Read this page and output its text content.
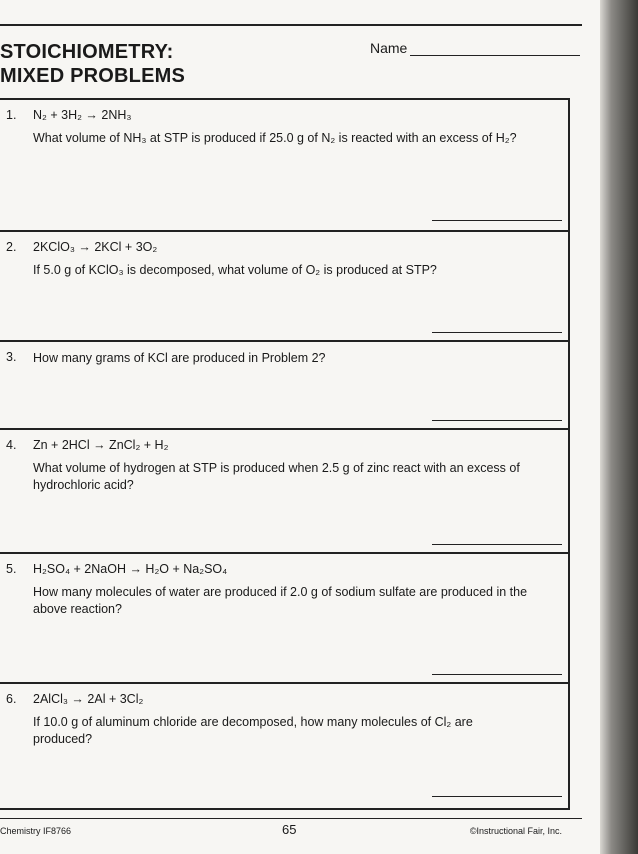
STOICHIOMETRY:
MIXED PROBLEMS
Name
1. N₂ + 3H₂ → 2NH₃
What volume of NH₃ at STP is produced if 25.0 g of N₂ is reacted with an excess of H₂?
2. 2KClO₃ → 2KCl + 3O₂
If 5.0 g of KClO₃ is decomposed, what volume of O₂ is produced at STP?
3. How many grams of KCl are produced in Problem 2?
4. Zn + 2HCl → ZnCl₂ + H₂
What volume of hydrogen at STP is produced when 2.5 g of zinc react with an excess of hydrochloric acid?
5. H₂SO₄ + 2NaOH → H₂O + Na₂SO₄
How many molecules of water are produced if 2.0 g of sodium sulfate are produced in the above reaction?
6. 2AlCl₃ → 2Al + 3Cl₂
If 10.0 g of aluminum chloride are decomposed, how many molecules of Cl₂ are produced?
Chemistry IF8766	65	©Instructional Fair, Inc.
